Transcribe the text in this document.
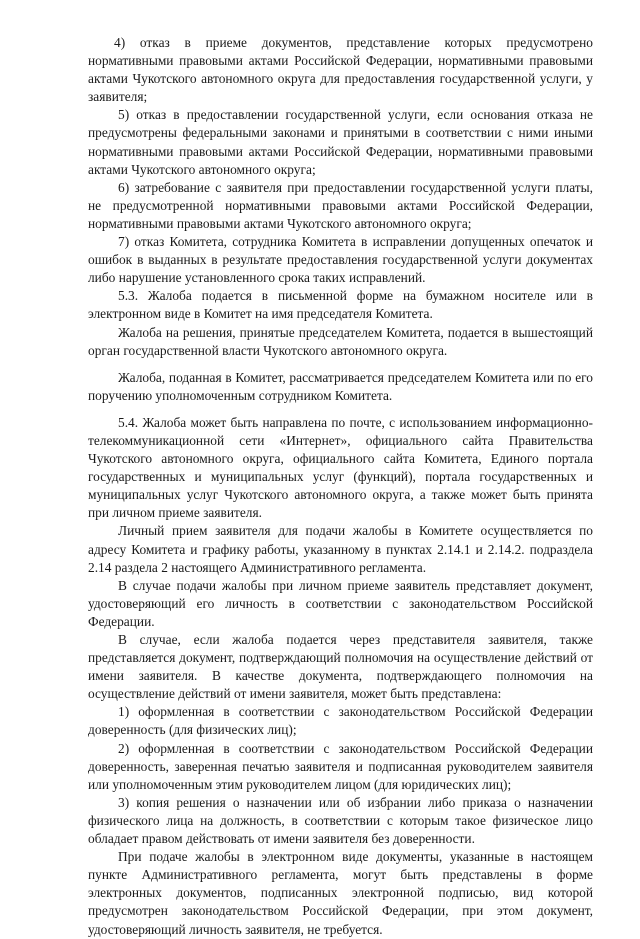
4) отказ в приеме документов, представление которых предусмотрено нормативными правовыми актами Российской Федерации, нормативными правовыми актами Чукотского автономного округа для предоставления государственной услуги, у заявителя;

5) отказ в предоставлении государственной услуги, если основания отказа не предусмотрены федеральными законами и принятыми в соответствии с ними иными нормативными правовыми актами Российской Федерации, нормативными правовыми актами Чукотского автономного округа;

6) затребование с заявителя при предоставлении государственной услуги платы, не предусмотренной нормативными правовыми актами Российской Федерации, нормативными правовыми актами Чукотского автономного округа;

7) отказ Комитета, сотрудника Комитета в исправлении допущенных опечаток и ошибок в выданных в результате предоставления государственной услуги документах либо нарушение установленного срока таких исправлений.

5.3. Жалоба подается в письменной форме на бумажном носителе или в электронном виде в Комитет на имя председателя Комитета.

Жалоба на решения, принятые председателем Комитета, подается в вышестоящий орган государственной власти Чукотского автономного округа.

Жалоба, поданная в Комитет, рассматривается председателем Комитета или по его поручению уполномоченным сотрудником Комитета.

5.4. Жалоба может быть направлена по почте, с использованием информационно-телекоммуникационной сети «Интернет», официального сайта Правительства Чукотского автономного округа, официального сайта Комитета, Единого портала государственных и муниципальных услуг (функций), портала государственных и муниципальных услуг Чукотского автономного округа, а также может быть принята при личном приеме заявителя.

Личный прием заявителя для подачи жалобы в Комитете осуществляется по адресу Комитета и графику работы, указанному в пунктах 2.14.1 и 2.14.2. подраздела 2.14 раздела 2 настоящего Административного регламента.

В случае подачи жалобы при личном приеме заявитель представляет документ, удостоверяющий его личность в соответствии с законодательством Российской Федерации.

В случае, если жалоба подается через представителя заявителя, также представляется документ, подтверждающий полномочия на осуществление действий от имени заявителя. В качестве документа, подтверждающего полномочия на осуществление действий от имени заявителя, может быть представлена:

1) оформленная в соответствии с законодательством Российской Федерации доверенность (для физических лиц);

2) оформленная в соответствии с законодательством Российской Федерации доверенность, заверенная печатью заявителя и подписанная руководителем заявителя или уполномоченным этим руководителем лицом (для юридических лиц);

3) копия решения о назначении или об избрании либо приказа о назначении физического лица на должность, в соответствии с которым такое физическое лицо обладает правом действовать от имени заявителя без доверенности.

При подаче жалобы в электронном виде документы, указанные в настоящем пункте Административного регламента, могут быть представлены в форме электронных документов, подписанных электронной подписью, вид которой предусмотрен законодательством Российской Федерации, при этом документ, удостоверяющий личность заявителя, не требуется.
